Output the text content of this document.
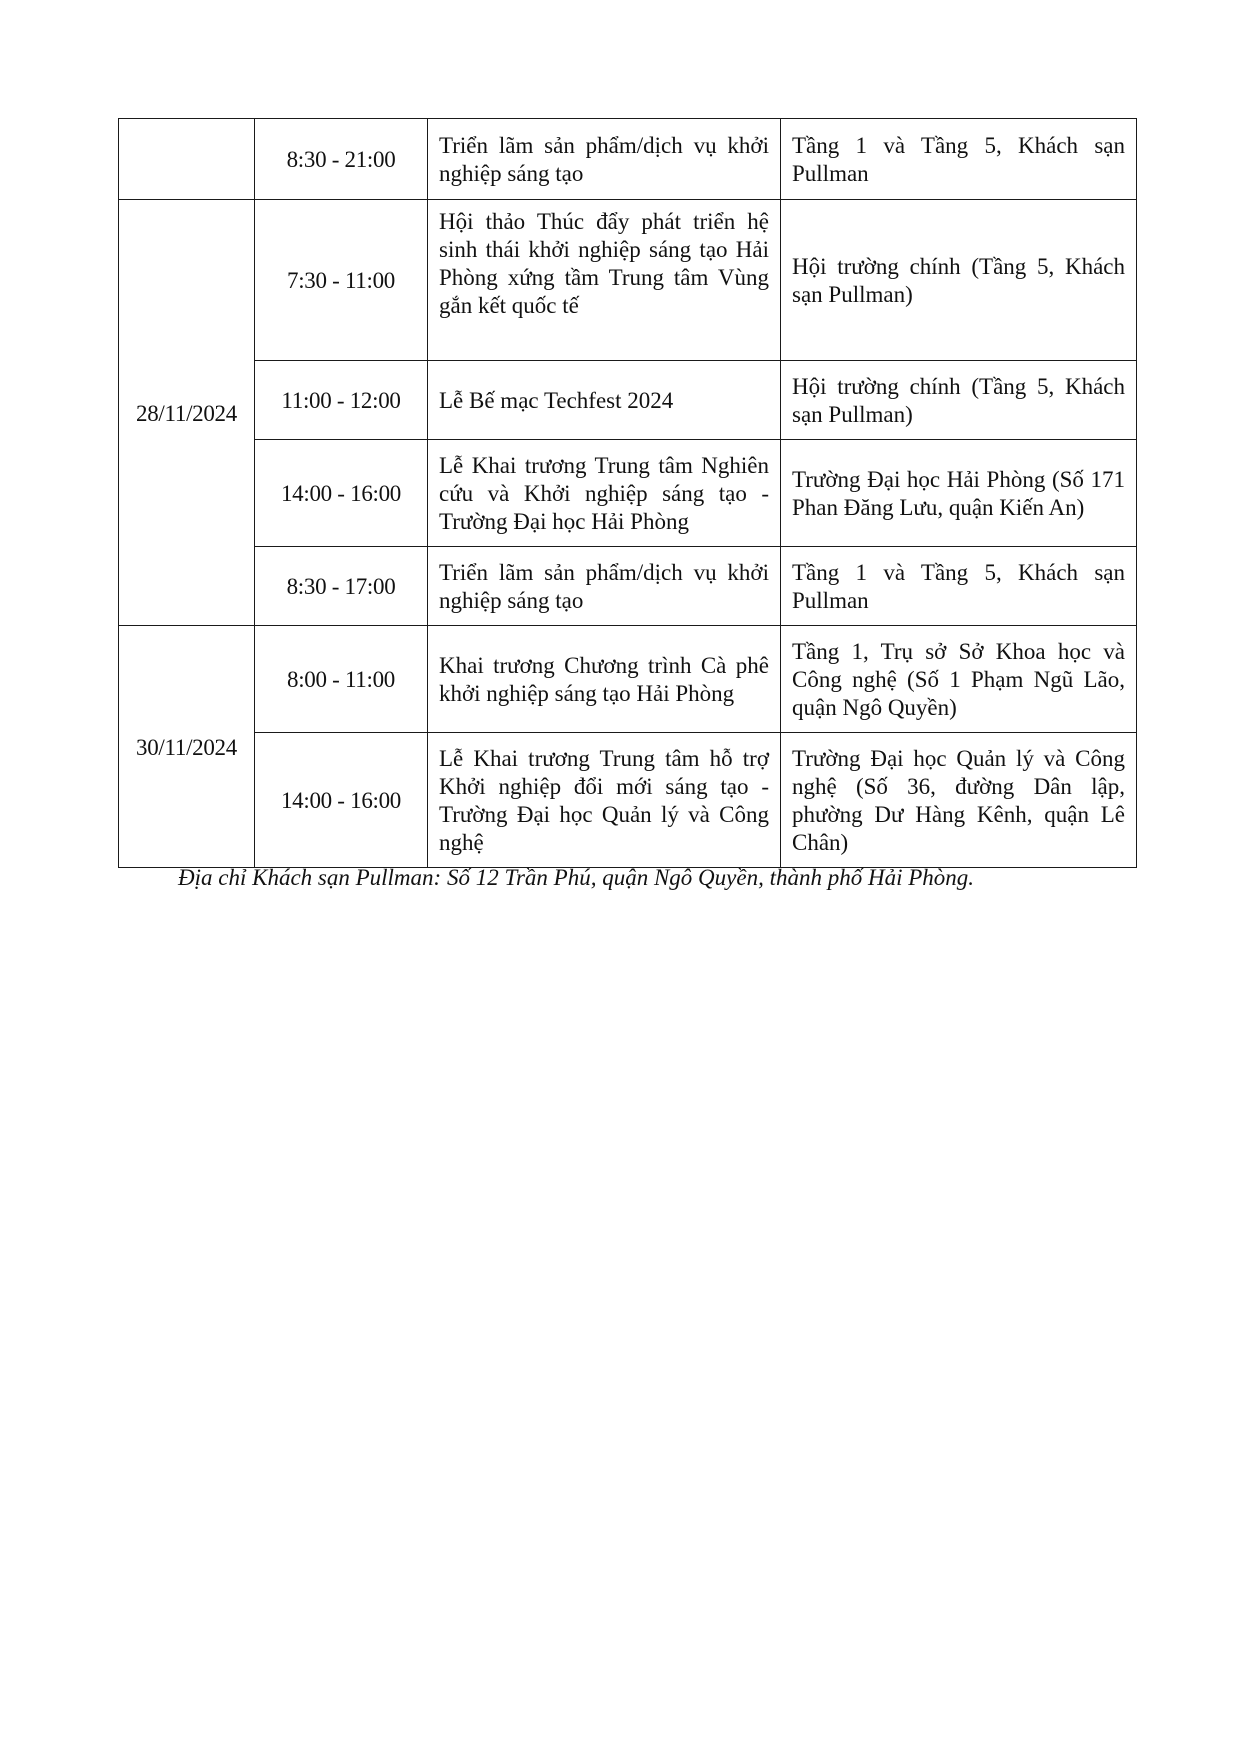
	8:30 - 21:00	Triển lãm sản phẩm/dịch vụ khởi nghiệp sáng tạo	Tầng 1 và Tầng 5, Khách sạn Pullman

28/11/2024	7:30 - 11:00	Hội thảo Thúc đẩy phát triển hệ sinh thái khởi nghiệp sáng tạo Hải Phòng xứng tầm Trung tâm Vùng gắn kết quốc tế	Hội trường chính (Tầng 5, Khách sạn Pullman)

	11:00 - 12:00	Lễ Bế mạc Techfest 2024	Hội trường chính (Tầng 5, Khách sạn Pullman)

	14:00 - 16:00	Lễ Khai trương Trung tâm Nghiên cứu và Khởi nghiệp sáng tạo - Trường Đại học Hải Phòng	Trường Đại học Hải Phòng (Số 171 Phan Đăng Lưu, quận Kiến An)

	8:30 - 17:00	Triển lãm sản phẩm/dịch vụ khởi nghiệp sáng tạo	Tầng 1 và Tầng 5, Khách sạn Pullman

30/11/2024	8:00 - 11:00	Khai trương Chương trình Cà phê khởi nghiệp sáng tạo Hải Phòng	Tầng 1, Trụ sở Sở Khoa học và Công nghệ (Số 1 Phạm Ngũ Lão, quận Ngô Quyền)

	14:00 - 16:00	Lễ Khai trương Trung tâm hỗ trợ Khởi nghiệp đổi mới sáng tạo - Trường Đại học Quản lý và Công nghệ	Trường Đại học Quản lý và Công nghệ (Số 36, đường Dân lập, phường Dư Hàng Kênh, quận Lê Chân)
Địa chỉ Khách sạn Pullman: Số 12 Trần Phú, quận Ngô Quyền, thành phố Hải Phòng.
